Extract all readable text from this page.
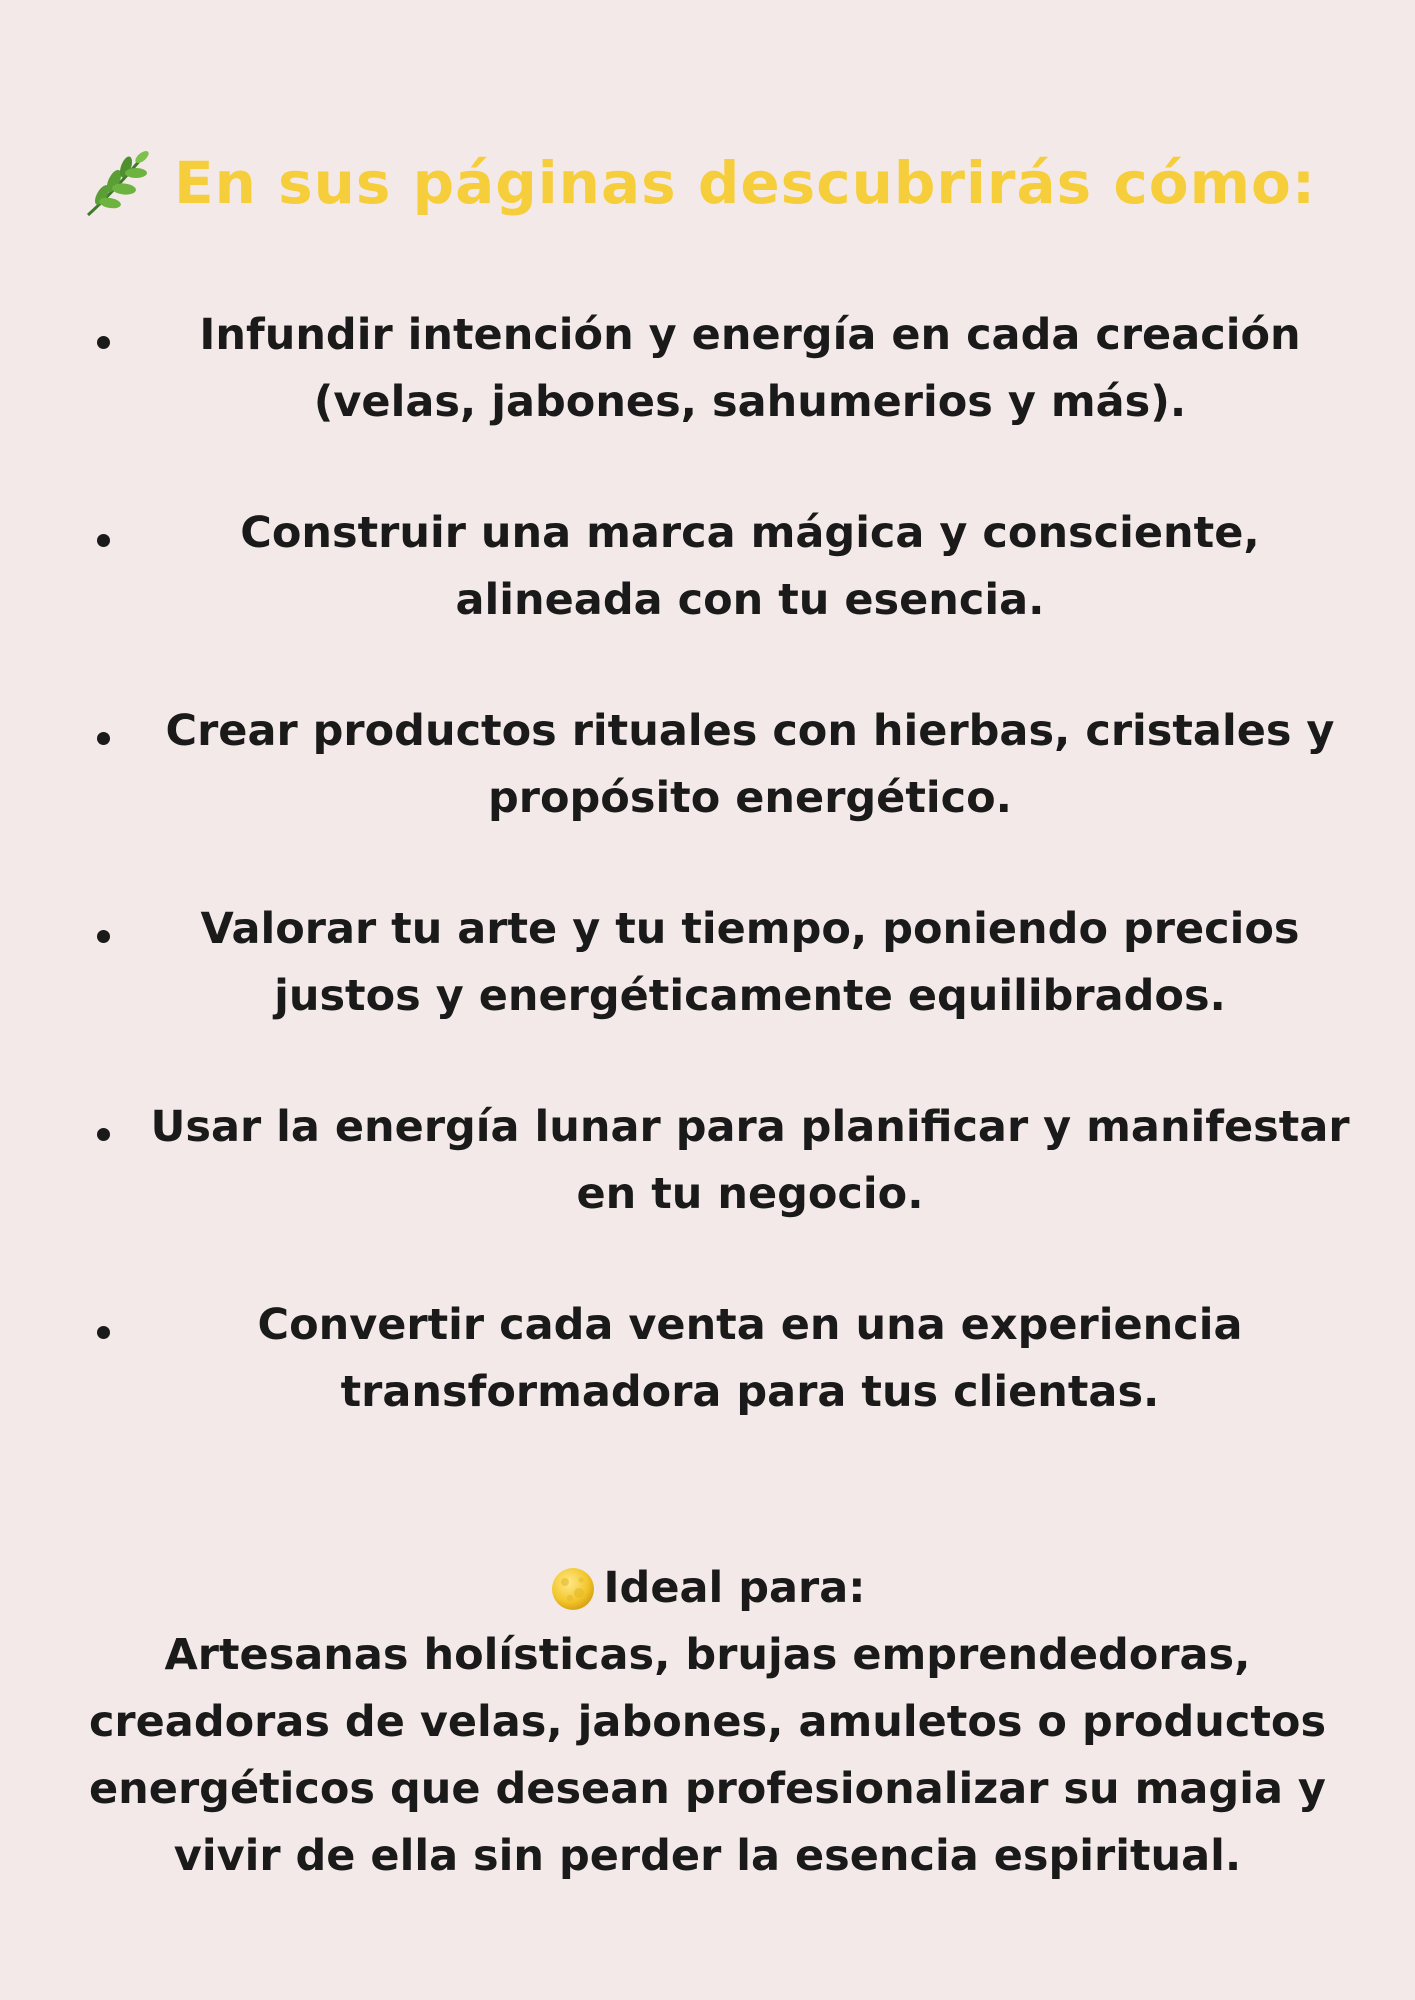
En sus páginas descubrirás cómo:
Infundir intención y energía en cada creación (velas, jabones, sahumerios y más).
Construir una marca mágica y consciente, alineada con tu esencia.
Crear productos rituales con hierbas, cristales y propósito energético.
Valorar tu arte y tu tiempo, poniendo precios justos y energéticamente equilibrados.
Usar la energía lunar para planificar y manifestar en tu negocio.
Convertir cada venta en una experiencia transformadora para tus clientas.
Ideal para:
Artesanas holísticas, brujas emprendedoras, creadoras de velas, jabones, amuletos o productos energéticos que desean profesionalizar su magia y vivir de ella sin perder la esencia espiritual.
